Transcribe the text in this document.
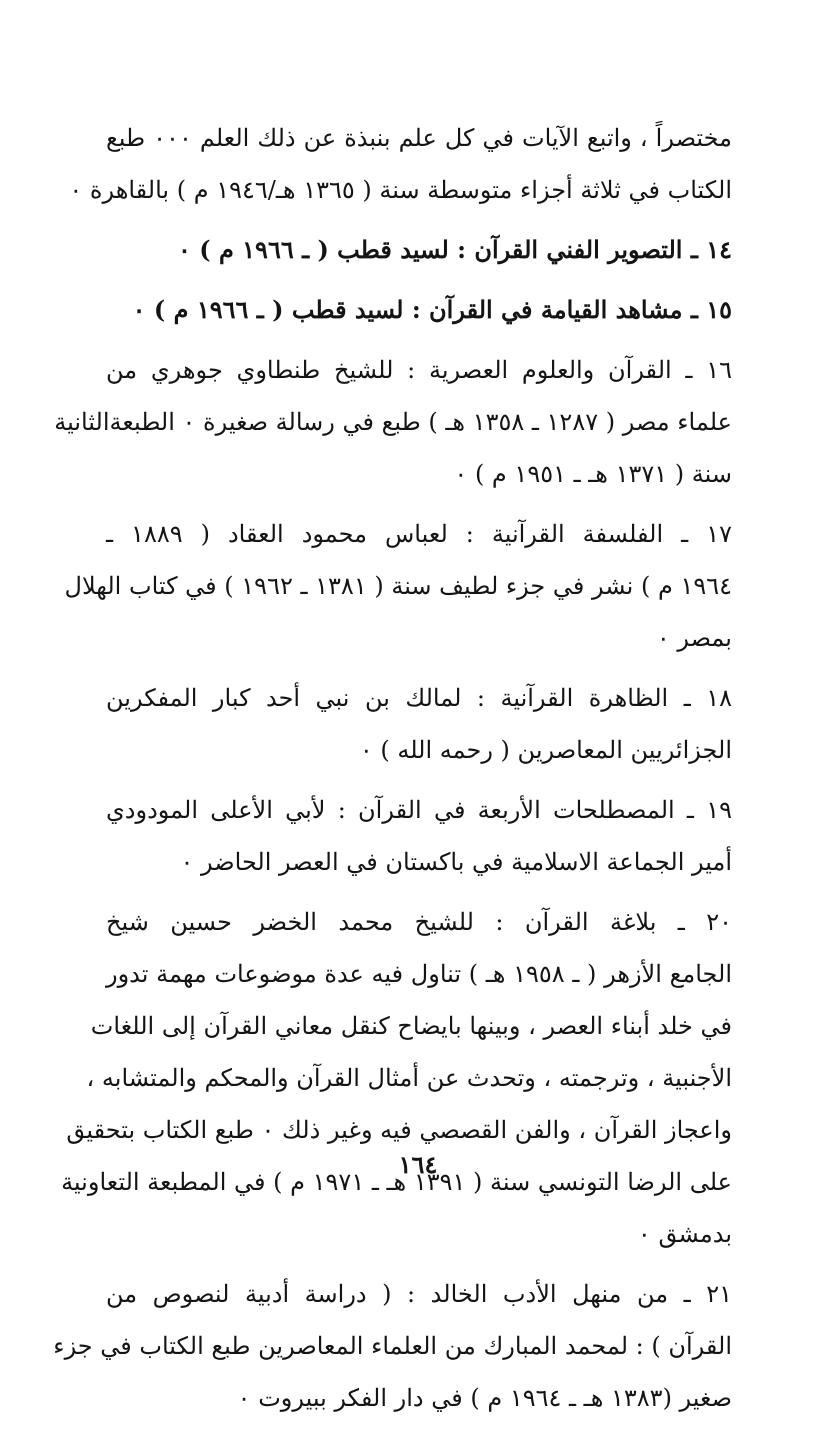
مختصراً ، واتبع الآيات في كل علم بنبذة عن ذلك العلم ٠٠٠ طبع
الكتاب في ثلاثة أجزاء متوسطة سنة ( ١٣٦٥ هـ/١٩٤٦ م ) بالقاهرة ٠
١٤ ـ التصوير الفني القرآن : لسيد قطب ( ـ ١٩٦٦ م ) ٠
١٥ ـ مشاهد القيامة في القرآن : لسيد قطب ( ـ ١٩٦٦ م ) ٠
١٦ ـ القرآن والعلوم العصرية : للشيخ طنطاوي جوهري من
علماء مصر ( ١٢٨٧ ـ ١٣٥٨ هـ ) طبع في رسالة صغيرة ٠ الطبعةالثانية
سنة ( ١٣٧١ هـ ـ ١٩٥١ م ) ٠
١٧ ـ الفلسفة القرآنية : لعباس محمود العقاد ( ١٨٨٩ ـ
١٩٦٤ م ) نشر في جزء لطيف سنة ( ١٣٨١ ـ ١٩٦٢ ) في كتاب الهلال
بمصر ٠
١٨ ـ الظاهرة القرآنية : لمالك بن نبي أحد كبار المفكرين
الجزائريين المعاصرين ( رحمه الله ) ٠
١٩ ـ المصطلحات الأربعة في القرآن : لأبي الأعلى المودودي
أمير الجماعة الاسلامية في باكستان في العصر الحاضر ٠
٢٠ ـ بلاغة القرآن : للشيخ محمد الخضر حسين شيخ
الجامع الأزهر ( ـ ١٩٥٨ هـ ) تناول فيه عدة موضوعات مهمة تدور
في خلد أبناء العصر ، وبينها بايضاح كنقل معاني القرآن إلى اللغات
الأجنبية ، وترجمته ، وتحدث عن أمثال القرآن والمحكم والمتشابه ،
واعجاز القرآن ، والفن القصصي فيه وغير ذلك ٠ طبع الكتاب بتحقيق
على الرضا التونسي سنة ( ١٣٩١ هـ ـ ١٩٧١ م ) في المطبعة التعاونية
بدمشق ٠
٢١ ـ من منهل الأدب الخالد : ( دراسة أدبية لنصوص من
القرآن ) : لمحمد المبارك من العلماء المعاصرين طبع الكتاب في جزء
صغير (١٣٨٣ هـ ـ ١٩٦٤ م ) في دار الفكر ببيروت ٠
١٦٤
